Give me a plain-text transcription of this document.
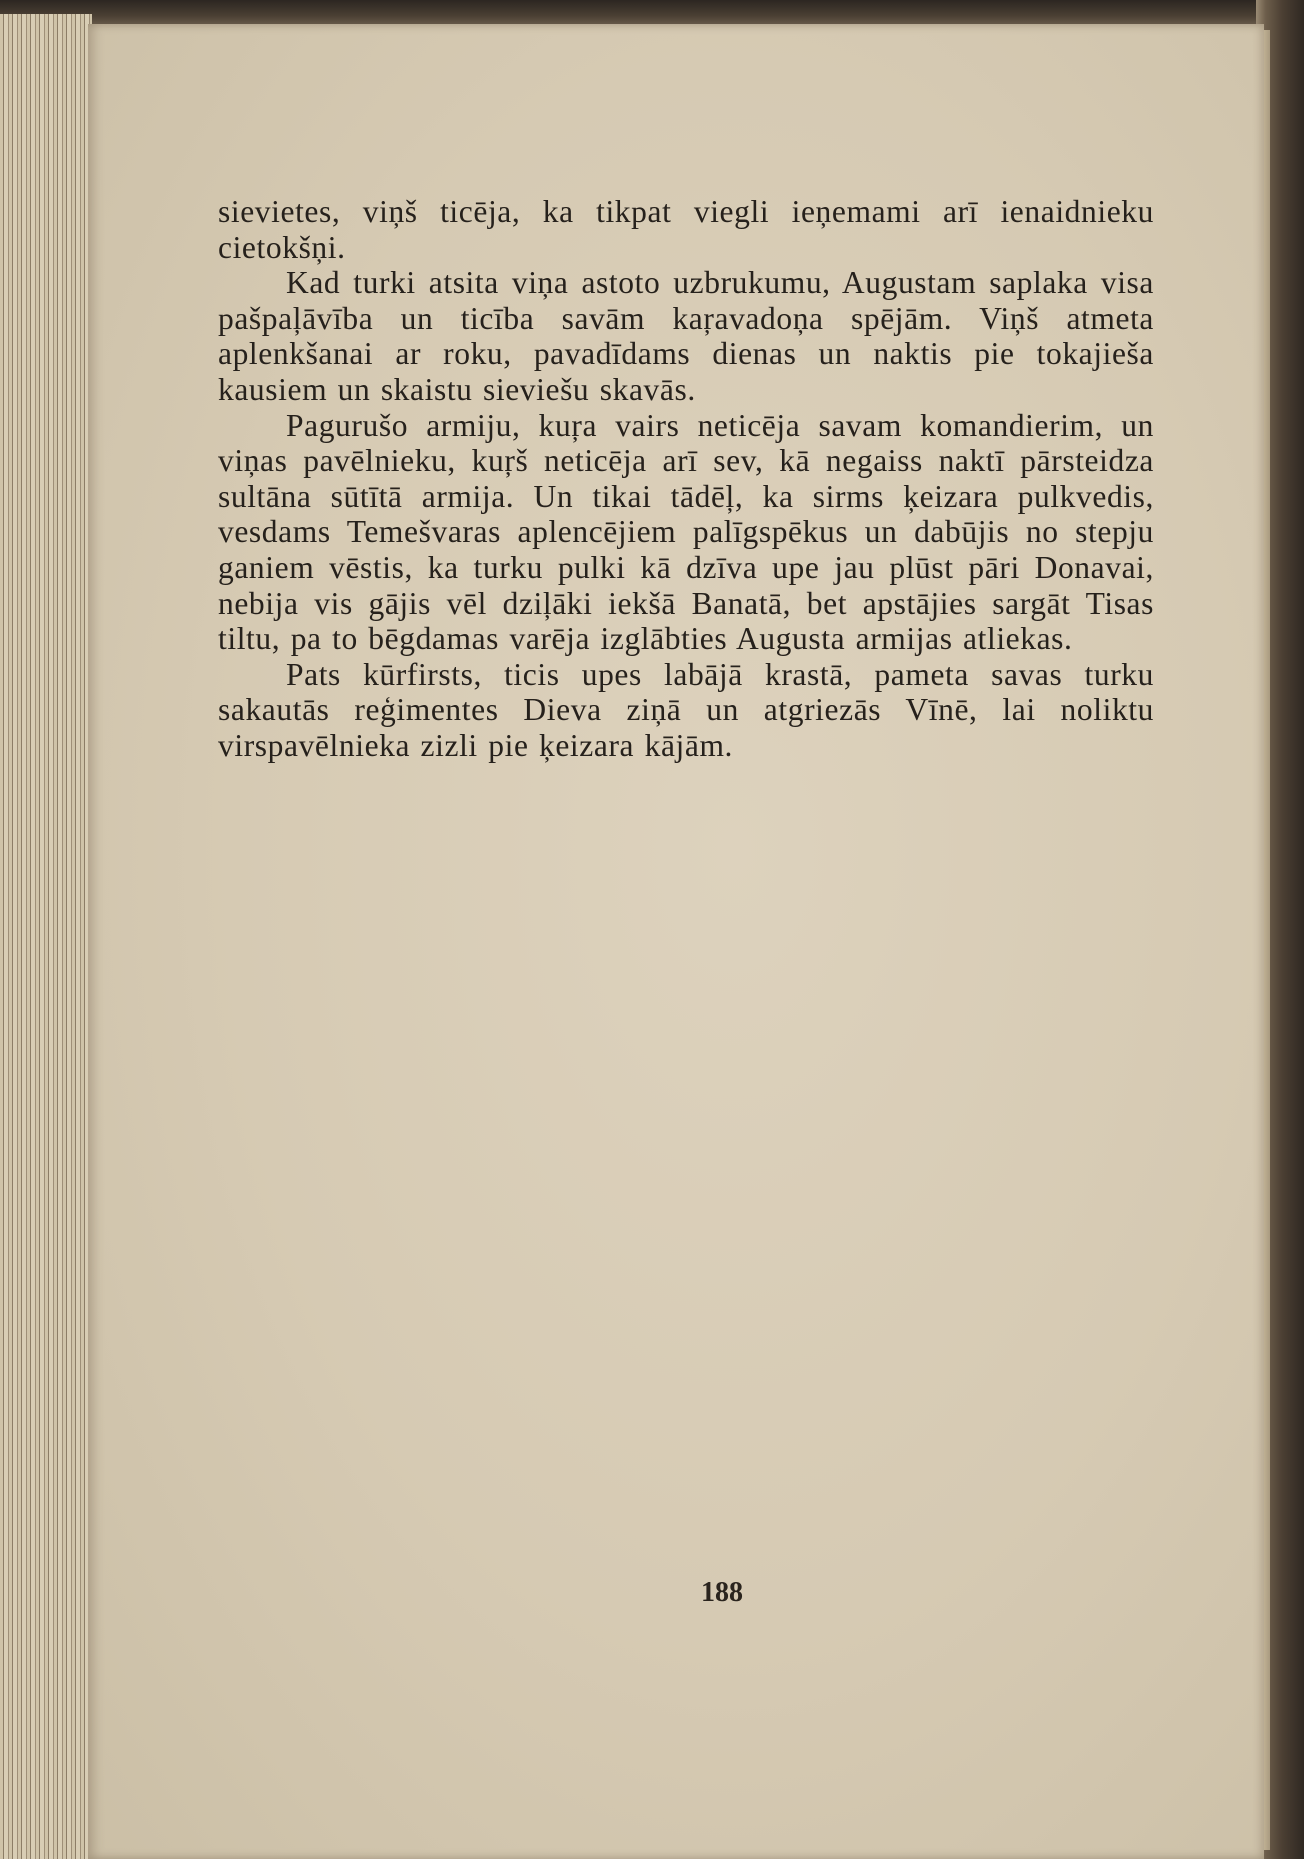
sievietes, viņš ticēja, ka tikpat viegli ieņemami arī ienaidnieku cietokšņi.

Kad turki atsita viņa astoto uzbrukumu, Augustam saplaka visa pašpaļāvība un ticība savām kaŗavadoņa spējām. Viņš atmeta aplenkšanai ar roku, pavadīdams dienas un naktis pie tokajieša kausiem un skaistu sieviešu skavās.

Pagurušo armiju, kuŗa vairs neticēja savam komandierim, un viņas pavēlnieku, kuŗš neticēja arī sev, kā negaiss naktī pārsteidza sultāna sūtītā armija. Un tikai tādēļ, ka sirms ķeizara pulkvedis, vesdams Temešvaras aplencējiem palīgspēkus un dabūjis no stepju ganiem vēstis, ka turku pulki kā dzīva upe jau plūst pāri Donavai, nebija vis gājis vēl dziļāki iekšā Banatā, bet apstājies sargāt Tisas tiltu, pa to bēgdamas varēja izglābties Augusta armijas atliekas.

Pats kūrfirsts, ticis upes labājā krastā, pameta savas turku sakautās reģimentes Dieva ziņā un atgriezās Vīnē, lai noliktu virspavēlnieka zizli pie ķeizara kājām.

188
